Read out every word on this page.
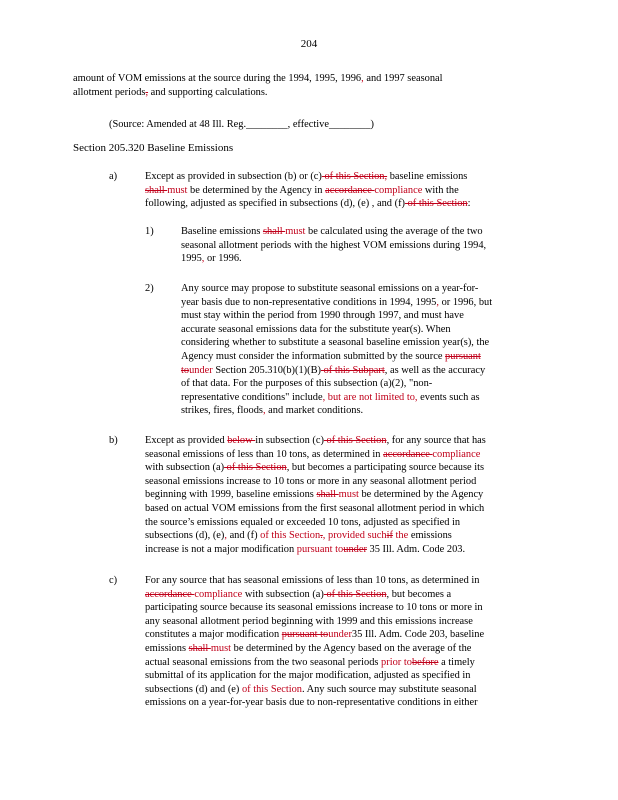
204
amount of VOM emissions at the source during the 1994, 1995, 1996, and 1997 seasonal
allotment periods, and supporting calculations.
(Source: Amended at 48 Ill. Reg.________, effective________)
Section 205.320 Baseline Emissions
a)	Except as provided in subsection (b) or (c) of this Section, baseline emissions
shall must be determined by the Agency in accordance compliance with the
following, adjusted as specified in subsections (d), (e) , and (f) of this Section:
1)	Baseline emissions shall must be calculated using the average of the two
seasonal allotment periods with the highest VOM emissions during 1994,
1995, or 1996.
2)	Any source may propose to substitute seasonal emissions on a year-for-
year basis due to non-representative conditions in 1994, 1995, or 1996, but
must stay within the period from 1990 through 1997, and must have
accurate seasonal emissions data for the substitute year(s). When
considering whether to substitute a seasonal baseline emission year(s), the
Agency must consider the information submitted by the source pursuant
tounder Section 205.310(b)(1)(B) of this Subpart, as well as the accuracy
of that data. For the purposes of this subsection (a)(2), "non-
representative conditions" include, but are not limited to, events such as
strikes, fires, floods, and market conditions.
b)	Except as provided below in subsection (c) of this Section, for any source that has
seasonal emissions of less than 10 tons, as determined in accordance compliance
with subsection (a) of this Section, but becomes a participating source because its
seasonal emissions increase to 10 tons or more in any seasonal allotment period
beginning with 1999, baseline emissions shall must be determined by the Agency
based on actual VOM emissions from the first seasonal allotment period in which
the source’s emissions equaled or exceeded 10 tons, adjusted as specified in
subsections (d), (e), and (f) of this Section., provided suchif the emissions
increase is not a major modification pursuant tounder 35 Ill. Adm. Code 203.
c)	For any source that has seasonal emissions of less than 10 tons, as determined in
accordance compliance with subsection (a) of this Section, but becomes a
participating source because its seasonal emissions increase to 10 tons or more in
any seasonal allotment period beginning with 1999 and this emissions increase
constitutes a major modification pursuant tounder35 Ill. Adm. Code 203, baseline
emissions shall must be determined by the Agency based on the average of the
actual seasonal emissions from the two seasonal periods prior tobefore a timely
submittal of its application for the major modification, adjusted as specified in
subsections (d) and (e) of this Section. Any such source may substitute seasonal
emissions on a year-for-year basis due to non-representative conditions in either
